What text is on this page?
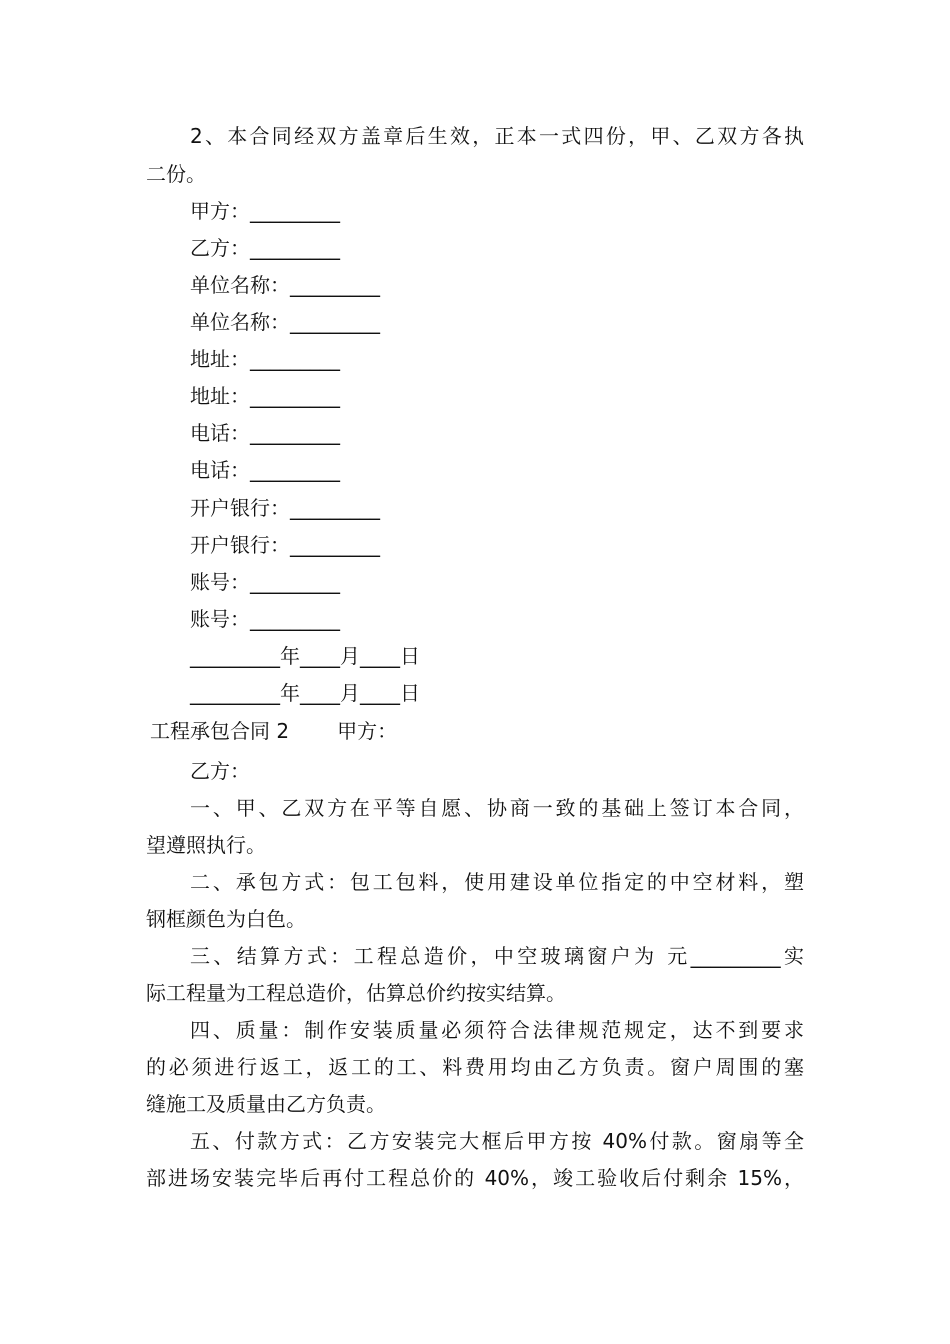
2、本合同经双方盖章后生效，正本一式四份，甲、乙双方各执
二份。
甲方：_________
乙方：_________
单位名称：_________
单位名称：_________
地址：_________
地址：_________
电话：_________
电话：_________
开户银行：_________
开户银行：_________
账号：_________
账号：_________
_________年____月____日
_________年____月____日
工程承包合同 2 甲方：
乙方：
一、甲、乙双方在平等自愿、协商一致的基础上签订本合同，
望遵照执行。
二、承包方式：包工包料，使用建设单位指定的中空材料，塑
钢框颜色为白色。
三、结算方式：工程总造价，中空玻璃窗户为 元_________实
际工程量为工程总造价，估算总价约按实结算。
四、质量：制作安装质量必须符合法律规范规定，达不到要求
的必须进行返工，返工的工、料费用均由乙方负责。窗户周围的塞
缝施工及质量由乙方负责。
五、付款方式：乙方安装完大框后甲方按 40%付款。窗扇等全
部进场安装完毕后再付工程总价的 40%，竣工验收后付剩余 15%，
